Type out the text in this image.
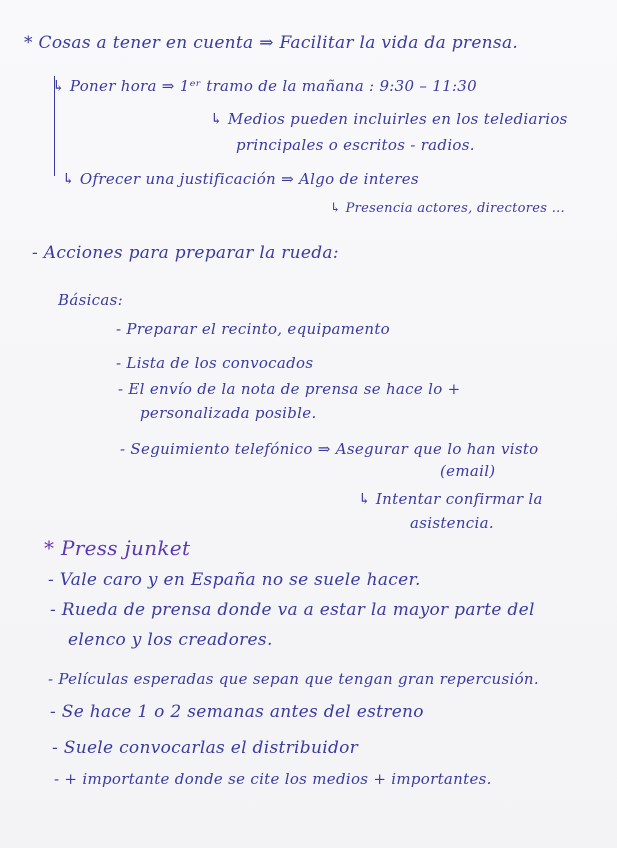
* Cosas a tener en cuenta ⇒ Facilitar la vida da prensa.
↳ Poner hora ⇒ 1ᵉʳ tramo de la mañana : 9:30 – 11:30
↳ Medios pueden incluirles en los telediarios
principales o escritos - radios.
↳ Ofrecer una justificación ⇒ Algo de interes
↳ Presencia actores, directores ...
- Acciones para preparar la rueda:
Básicas:
- Preparar el recinto, equipamento
- Lista de los convocados
- El envío de la nota de prensa se hace lo +
personalizada posible.
- Seguimiento telefónico ⇒ Asegurar que lo han visto
(email)
↳ Intentar confirmar la
asistencia.
* Press junket
- Vale caro y en España no se suele hacer.
- Rueda de prensa donde va a estar la mayor parte del
elenco y los creadores.
- Películas esperadas que sepan que tengan gran repercusión.
- Se hace 1 o 2 semanas antes del estreno
- Suele convocarlas el distribuidor
- + importante donde se cite los medios + importantes.
